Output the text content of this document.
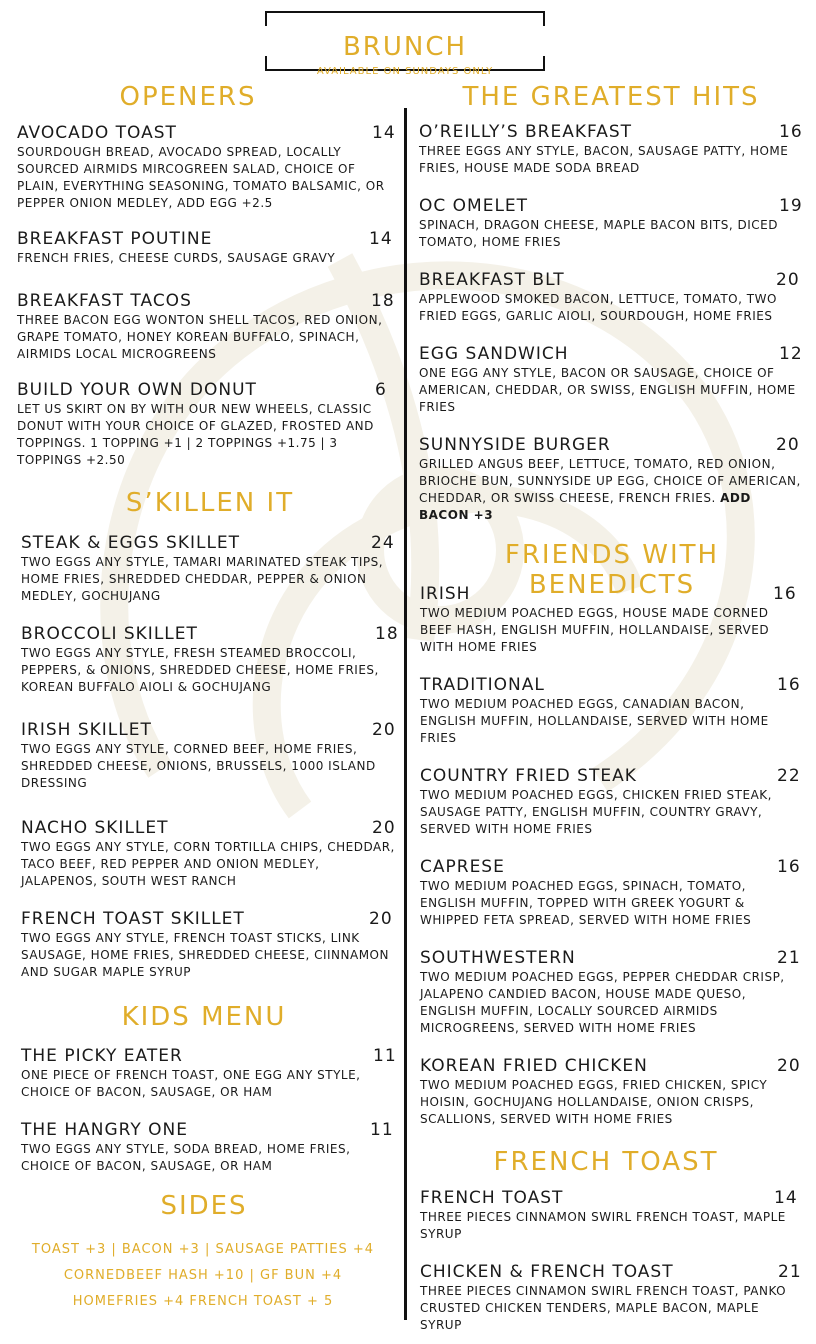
BRUNCH
AVAILABLE ON SUNDAYS ONLY
OPENERS
AVOCADO TOAST	14
SOURDOUGH BREAD, AVOCADO SPREAD, LOCALLY SOURCED AIRMIDS MIRCOGREEN SALAD, CHOICE OF PLAIN, EVERYTHING SEASONING, TOMATO BALSAMIC, OR PEPPER ONION MEDLEY, ADD EGG +2.5
BREAKFAST POUTINE	14
FRENCH FRIES, CHEESE CURDS, SAUSAGE GRAVY
BREAKFAST TACOS	18
THREE BACON EGG WONTON SHELL TACOS, RED ONION, GRAPE TOMATO, HONEY KOREAN BUFFALO, SPINACH, AIRMIDS LOCAL MICROGREENS
BUILD YOUR OWN DONUT	6
LET US SKIRT ON BY WITH OUR NEW WHEELS, CLASSIC DONUT WITH YOUR CHOICE OF GLAZED, FROSTED AND TOPPINGS. 1 TOPPING +1 | 2 TOPPINGS +1.75 | 3 TOPPINGS +2.50
S’KILLEN IT
STEAK & EGGS SKILLET	24
TWO EGGS ANY STYLE, TAMARI MARINATED STEAK TIPS, HOME FRIES, SHREDDED CHEDDAR, PEPPER & ONION MEDLEY, GOCHUJANG
BROCCOLI SKILLET	18
TWO EGGS ANY STYLE, FRESH STEAMED BROCCOLI, PEPPERS, & ONIONS, SHREDDED CHEESE, HOME FRIES, KOREAN BUFFALO AIOLI & GOCHUJANG
IRISH SKILLET	20
TWO EGGS ANY STYLE, CORNED BEEF, HOME FRIES, SHREDDED CHEESE, ONIONS, BRUSSELS, 1000 ISLAND DRESSING
NACHO SKILLET	20
TWO EGGS ANY STYLE, CORN TORTILLA CHIPS, CHEDDAR, TACO BEEF, RED PEPPER AND ONION MEDLEY, JALAPENOS, SOUTH WEST RANCH
FRENCH TOAST SKILLET	20
TWO EGGS ANY STYLE, FRENCH TOAST STICKS, LINK SAUSAGE, HOME FRIES, SHREDDED CHEESE, CIINNAMON AND SUGAR MAPLE SYRUP
KIDS MENU
THE PICKY EATER	11
ONE PIECE OF FRENCH TOAST, ONE EGG ANY STYLE, CHOICE OF BACON, SAUSAGE, OR HAM
THE HANGRY ONE	11
TWO EGGS ANY STYLE, SODA BREAD, HOME FRIES, CHOICE OF BACON, SAUSAGE, OR HAM
SIDES
TOAST +3 | BACON +3 | SAUSAGE PATTIES +4
CORNEDBEEF HASH +10 | GF BUN +4
HOMEFRIES +4 FRENCH TOAST + 5
THE GREATEST HITS
O’REILLY’S BREAKFAST	16
THREE EGGS ANY STYLE, BACON, SAUSAGE PATTY, HOME FRIES, HOUSE MADE SODA BREAD
OC OMELET	19
SPINACH, DRAGON CHEESE, MAPLE BACON BITS, DICED TOMATO, HOME FRIES
BREAKFAST BLT	20
APPLEWOOD SMOKED BACON, LETTUCE, TOMATO, TWO FRIED EGGS, GARLIC AIOLI, SOURDOUGH, HOME FRIES
EGG SANDWICH	12
ONE EGG ANY STYLE, BACON OR SAUSAGE, CHOICE OF AMERICAN, CHEDDAR, OR SWISS, ENGLISH MUFFIN, HOME FRIES
SUNNYSIDE BURGER	20
GRILLED ANGUS BEEF, LETTUCE, TOMATO, RED ONION, BRIOCHE BUN, SUNNYSIDE UP EGG, CHOICE OF AMERICAN, CHEDDAR, OR SWISS CHEESE, FRENCH FRIES. ADD BACON +3
FRIENDS WITH BENEDICTS
IRISH	16
TWO MEDIUM POACHED EGGS, HOUSE MADE CORNED BEEF HASH, ENGLISH MUFFIN, HOLLANDAISE, SERVED WITH HOME FRIES
TRADITIONAL	16
TWO MEDIUM POACHED EGGS, CANADIAN BACON, ENGLISH MUFFIN, HOLLANDAISE, SERVED WITH HOME FRIES
COUNTRY FRIED STEAK	22
TWO MEDIUM POACHED EGGS, CHICKEN FRIED STEAK, SAUSAGE PATTY, ENGLISH MUFFIN, COUNTRY GRAVY, SERVED WITH HOME FRIES
CAPRESE	16
TWO MEDIUM POACHED EGGS, SPINACH, TOMATO, ENGLISH MUFFIN, TOPPED WITH GREEK YOGURT & WHIPPED FETA SPREAD, SERVED WITH HOME FRIES
SOUTHWESTERN	21
TWO MEDIUM POACHED EGGS, PEPPER CHEDDAR CRISP, JALAPENO CANDIED BACON, HOUSE MADE QUESO, ENGLISH MUFFIN, LOCALLY SOURCED AIRMIDS MICROGREENS, SERVED WITH HOME FRIES
KOREAN FRIED CHICKEN	20
TWO MEDIUM POACHED EGGS, FRIED CHICKEN, SPICY HOISIN, GOCHUJANG HOLLANDAISE, ONION CRISPS, SCALLIONS, SERVED WITH HOME FRIES
FRENCH TOAST
FRENCH TOAST	14
THREE PIECES CINNAMON SWIRL FRENCH TOAST, MAPLE SYRUP
CHICKEN & FRENCH TOAST	21
THREE PIECES CINNAMON SWIRL FRENCH TOAST, PANKO CRUSTED CHICKEN TENDERS, MAPLE BACON, MAPLE SYRUP
